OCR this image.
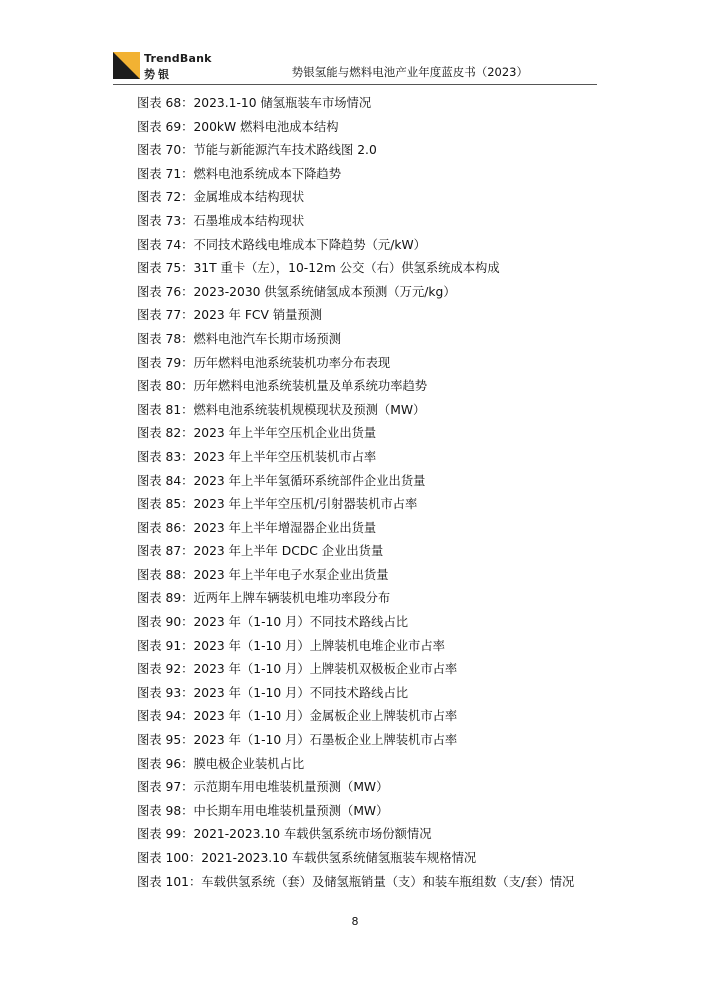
TrendBank
势银	势银氢能与燃料电池产业年度蓝皮书（2023）
图表 68：2023.1-10 储氢瓶装车市场情况
图表 69：200kW 燃料电池成本结构
图表 70：节能与新能源汽车技术路线图 2.0
图表 71：燃料电池系统成本下降趋势
图表 72：金属堆成本结构现状
图表 73：石墨堆成本结构现状
图表 74：不同技术路线电堆成本下降趋势（元/kW）
图表 75：31T 重卡（左），10-12m 公交（右）供氢系统成本构成
图表 76：2023-2030 供氢系统储氢成本预测（万元/kg）
图表 77：2023 年 FCV 销量预测
图表 78：燃料电池汽车长期市场预测
图表 79：历年燃料电池系统装机功率分布表现
图表 80：历年燃料电池系统装机量及单系统功率趋势
图表 81：燃料电池系统装机规模现状及预测（MW）
图表 82：2023 年上半年空压机企业出货量
图表 83：2023 年上半年空压机装机市占率
图表 84：2023 年上半年氢循环系统部件企业出货量
图表 85：2023 年上半年空压机/引射器装机市占率
图表 86：2023 年上半年增湿器企业出货量
图表 87：2023 年上半年 DCDC 企业出货量
图表 88：2023 年上半年电子水泵企业出货量
图表 89：近两年上牌车辆装机电堆功率段分布
图表 90：2023 年（1-10 月）不同技术路线占比
图表 91：2023 年（1-10 月）上牌装机电堆企业市占率
图表 92：2023 年（1-10 月）上牌装机双极板企业市占率
图表 93：2023 年（1-10 月）不同技术路线占比
图表 94：2023 年（1-10 月）金属板企业上牌装机市占率
图表 95：2023 年（1-10 月）石墨板企业上牌装机市占率
图表 96：膜电极企业装机占比
图表 97：示范期车用电堆装机量预测（MW）
图表 98：中长期车用电堆装机量预测（MW）
图表 99：2021-2023.10 车载供氢系统市场份额情况
图表 100：2021-2023.10 车载供氢系统储氢瓶装车规格情况
图表 101：车载供氢系统（套）及储氢瓶销量（支）和装车瓶组数（支/套）情况
8
